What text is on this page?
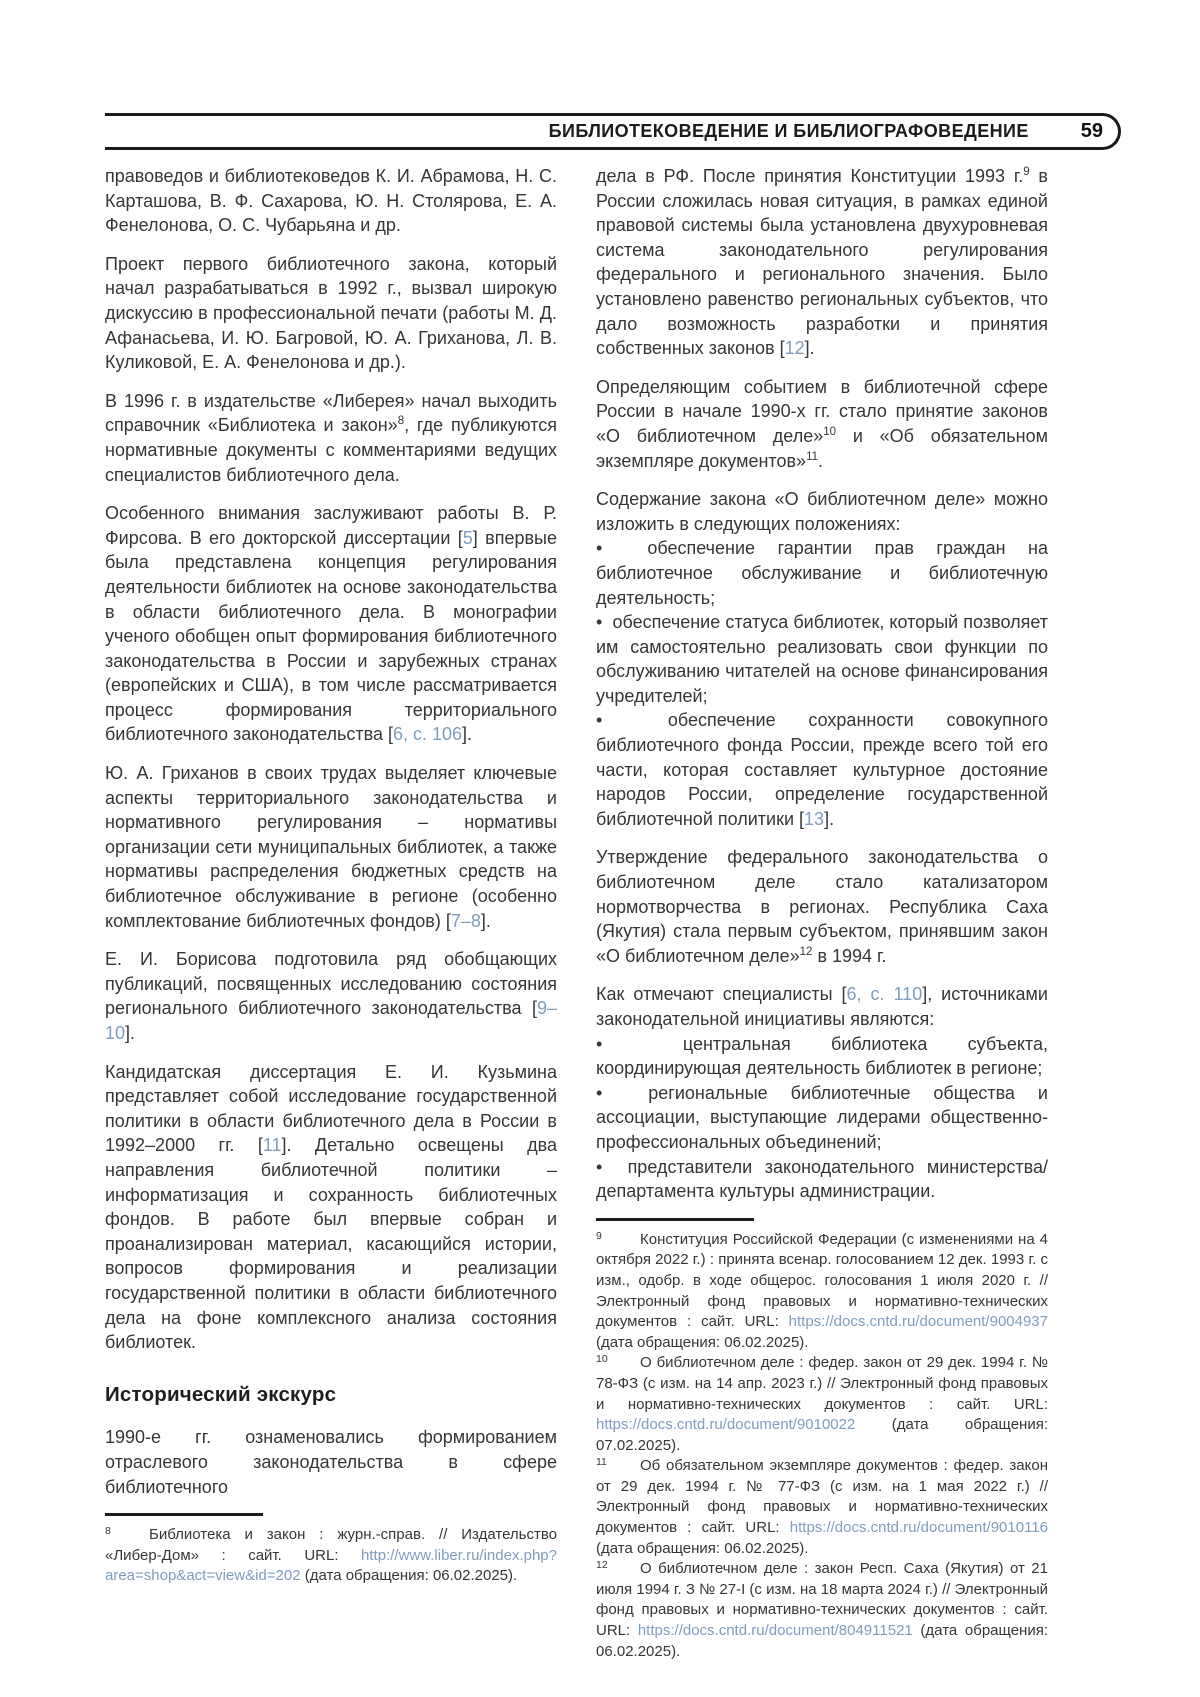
БИБЛИОТЕКОВЕДЕНИЕ И БИБЛИОГРАФОВЕДЕНИЕ	59

правоведов и библиотековедов К. И. Абрамова, Н. С. Карташова, В. Ф. Сахарова, Ю. Н. Столярова, Е. А. Фенелонова, О. С. Чубарьяна и др.

Проект первого библиотечного закона, который начал разрабатываться в 1992 г., вызвал широкую дискуссию в профессиональной печати (работы М. Д. Афанасьева, И. Ю. Багровой, Ю. А. Гриханова, Л. В. Куликовой, Е. А. Фенелонова и др.).

В 1996 г. в издательстве «Либерея» начал выходить справочник «Библиотека и закон»$^8$, где публикуются нормативные документы с комментариями ведущих специалистов библиотечного дела.

Особенного внимания заслуживают работы В. Р. Фирсова. В его докторской диссертации [5] впервые была представлена концепция регулирования деятельности библиотек на основе законодательства в области библиотечного дела. В монографии ученого обобщен опыт формирования библиотечного законодательства в России и зарубежных странах (европейских и США), в том числе рассматривается процесс формирования территориального библиотечного законодательства [6, с. 106].

Ю. А. Гриханов в своих трудах выделяет ключевые аспекты территориального законодательства и нормативного регулирования – нормативы организации сети муниципальных библиотек, а также нормативы распределения бюджетных средств на библиотечное обслуживание в регионе (особенно комплектование библиотечных фондов) [7–8].

Е. И. Борисова подготовила ряд обобщающих публикаций, посвященных исследованию состояния регионального библиотечного законодательства [9–10].

Кандидатская диссертация Е. И. Кузьмина представляет собой исследование государственной политики в области библиотечного дела в России в 1992–2000 гг. [11]. Детально освещены два направления библиотечной политики – информатизация и сохранность библиотечных фондов. В работе был впервые собран и проанализирован материал, касающийся истории, вопросов формирования и реализации государственной политики в области библиотечного дела на фоне комплексного анализа состояния библиотек.

Исторический экскурс

1990-е гг. ознаменовались формированием отраслевого законодательства в сфере библиотечного

8	Библиотека и закон : журн.-справ. // Издательство «Либер-Дом» : сайт. URL: http://www.liber.ru/index.php?area=shop&act=view&id=202 (дата обращения: 06.02.2025).

дела в РФ. После принятия Конституции 1993 г.$^9$ в России сложилась новая ситуация, в рамках единой правовой системы была установлена двухуровневая система законодательного регулирования федерального и регионального значения. Было установлено равенство региональных субъектов, что дало возможность разработки и принятия собственных законов [12].

Определяющим событием в библиотечной сфере России в начале 1990-х гг. стало принятие законов «О библиотечном деле»$^{10}$ и «Об обязательном экземпляре документов»$^{11}$.

Содержание закона «О библиотечном деле» можно изложить в следующих положениях:

•  обеспечение гарантии прав граждан на библиотечное обслуживание и библиотечную деятельность;

•  обеспечение статуса библиотек, который позволяет им самостоятельно реализовать свои функции по обслуживанию читателей на основе финансирования учредителей;

•  обеспечение сохранности совокупного библиотечного фонда России, прежде всего той его части, которая составляет культурное достояние народов России, определение государственной библиотечной политики [13].

Утверждение федерального законодательства о библиотечном деле стало катализатором нормотворчества в регионах. Республика Саха (Якутия) стала первым субъектом, принявшим закон «О библиотечном деле»$^{12}$ в 1994 г.

Как отмечают специалисты [6, с. 110], источниками законодательной инициативы являются:

•  центральная библиотека субъекта, координирующая деятельность библиотек в регионе;

•  региональные библиотечные общества и ассоциации, выступающие лидерами общественно-профессиональных объединений;

•  представители законодательного министерства/департамента культуры администрации.

9	Конституция Российской Федерации (с изменениями на 4 октября 2022 г.) : принята всенар. голосованием 12 дек. 1993 г. с изм., одобр. в ходе общерос. голосования 1 июля 2020 г. // Электронный фонд правовых и нормативно-технических документов : сайт. URL: https://docs.cntd.ru/document/9004937 (дата обращения: 06.02.2025).

10 О библиотечном деле : федер. закон от 29 дек. 1994 г. № 78-ФЗ (с изм. на 14 апр. 2023 г.) // Электронный фонд правовых и нормативно-технических документов : сайт. URL: https://docs.cntd.ru/document/9010022 (дата обращения: 07.02.2025).

11 Об обязательном экземпляре документов : федер. закон от 29 дек. 1994 г. № 77-ФЗ (с изм. на 1 мая 2022 г.) // Электронный фонд правовых и нормативно-технических документов : сайт. URL: https://docs.cntd.ru/document/9010116 (дата обращения: 06.02.2025).

12 О библиотечном деле : закон Респ. Саха (Якутия) от 21 июля 1994 г. З № 27-I (с изм. на 18 марта 2024 г.) // Электронный фонд правовых и нормативно-технических документов : сайт. URL: https://docs.cntd.ru/document/804911521 (дата обращения: 06.02.2025).
